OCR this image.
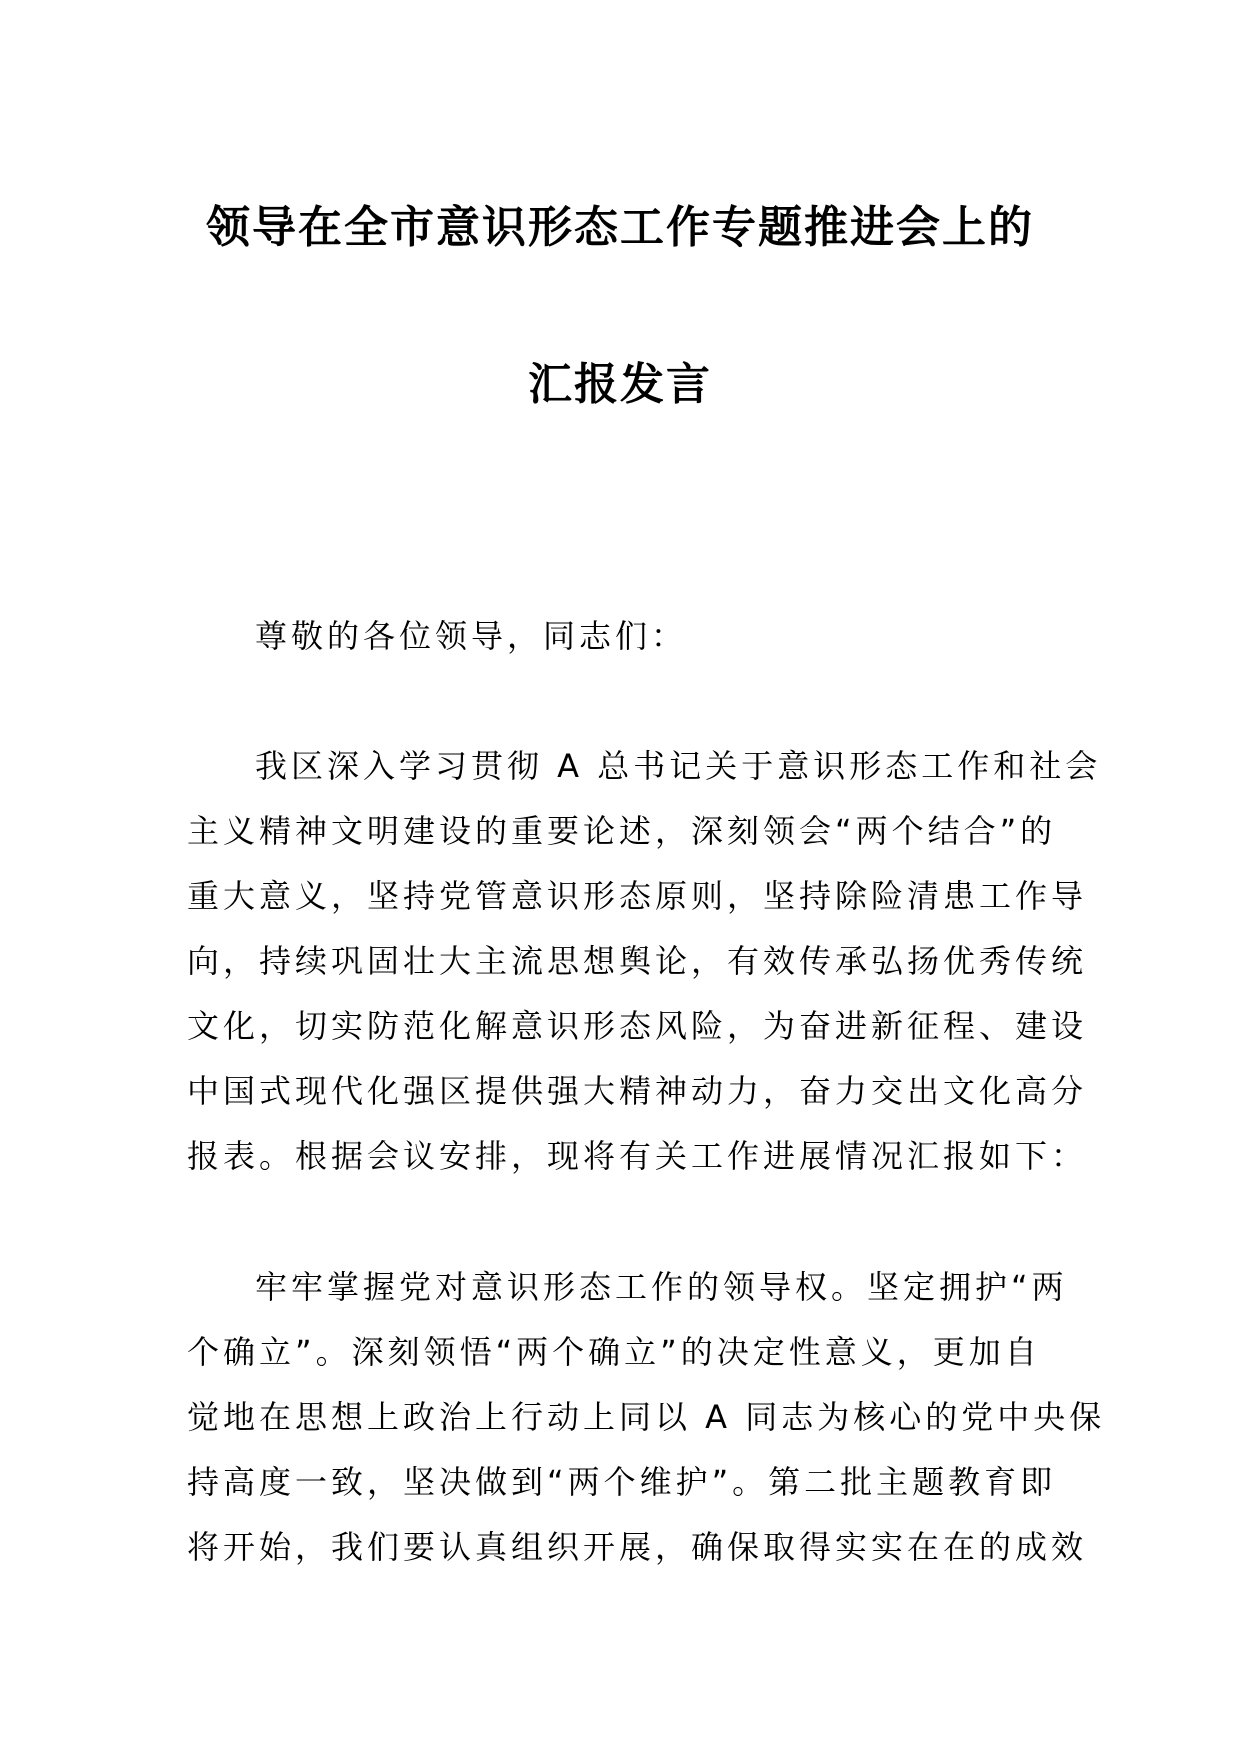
领导在全市意识形态工作专题推进会上的
汇报发言
尊敬的各位领导，同志们：
我区深入学习贯彻 A 总书记关于意识形态工作和社会
主义精神文明建设的重要论述，深刻领会“两个结合”的
重大意义，坚持党管意识形态原则，坚持除险清患工作导
向，持续巩固壮大主流思想舆论，有效传承弘扬优秀传统
文化，切实防范化解意识形态风险，为奋进新征程、建设
中国式现代化强区提供强大精神动力，奋力交出文化高分
报表。根据会议安排，现将有关工作进展情况汇报如下：
牢牢掌握党对意识形态工作的领导权。坚定拥护“两
个确立”。深刻领悟“两个确立”的决定性意义，更加自
觉地在思想上政治上行动上同以 A 同志为核心的党中央保
持高度一致，坚决做到“两个维护”。第二批主题教育即
将开始，我们要认真组织开展，确保取得实实在在的成效
